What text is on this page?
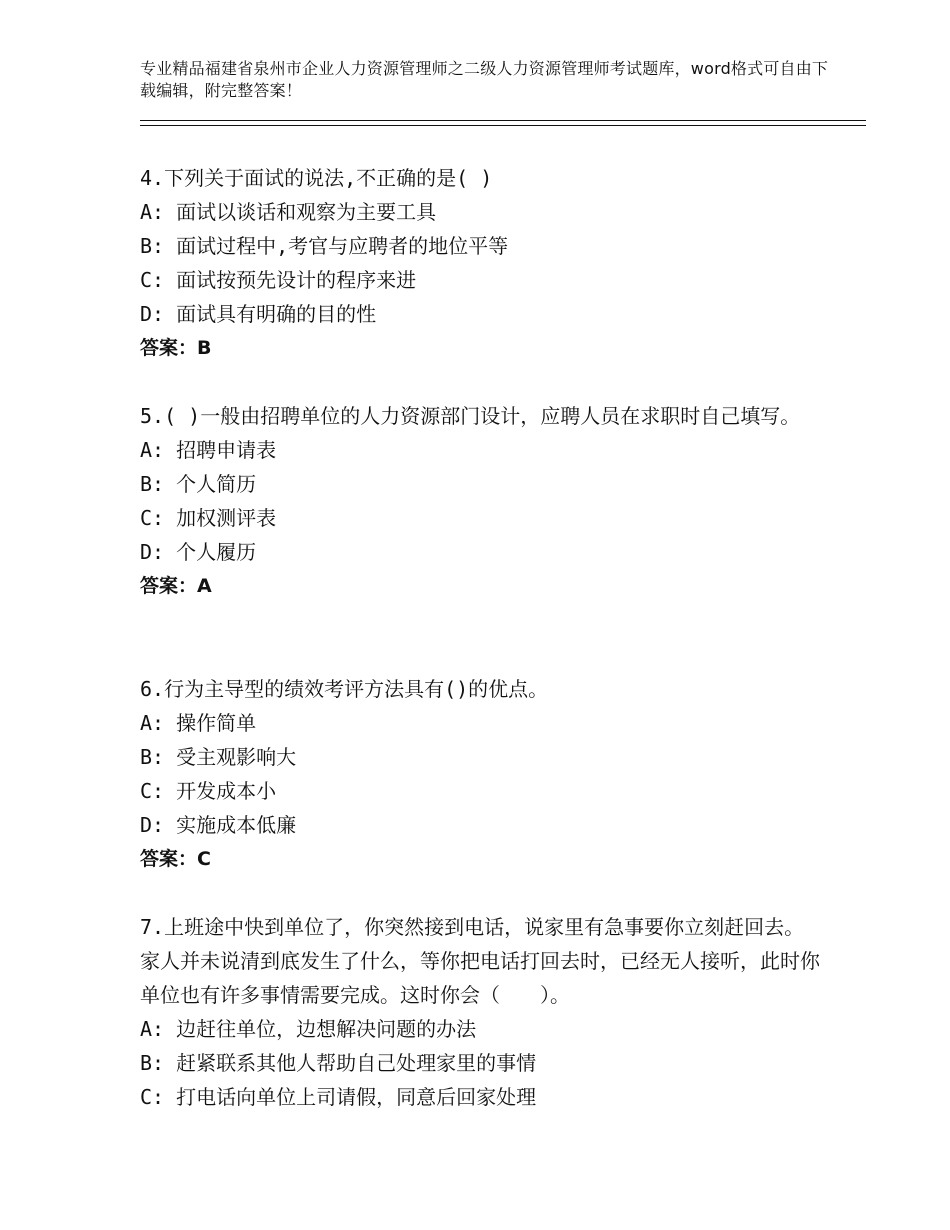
专业精品福建省泉州市企业人力资源管理师之二级人力资源管理师考试题库，word格式可自由下载编辑，附完整答案！

4.下列关于面试的说法,不正确的是( )

A: 面试以谈话和观察为主要工具

B: 面试过程中,考官与应聘者的地位平等

C: 面试按预先设计的程序来进

D: 面试具有明确的目的性

答案：B

5.( )一般由招聘单位的人力资源部门设计，应聘人员在求职时自己填写。

A: 招聘申请表

B: 个人简历

C: 加权测评表

D: 个人履历

答案：A

6.行为主导型的绩效考评方法具有()的优点。

A: 操作简单

B: 受主观影响大

C: 开发成本小

D: 实施成本低廉

答案：C

7.上班途中快到单位了，你突然接到电话，说家里有急事要你立刻赶回去。家人并未说清到底发生了什么，等你把电话打回去时，已经无人接听，此时你单位也有许多事情需要完成。这时你会（　　）。

A: 边赶往单位，边想解决问题的办法

B: 赶紧联系其他人帮助自己处理家里的事情

C: 打电话向单位上司请假，同意后回家处理
